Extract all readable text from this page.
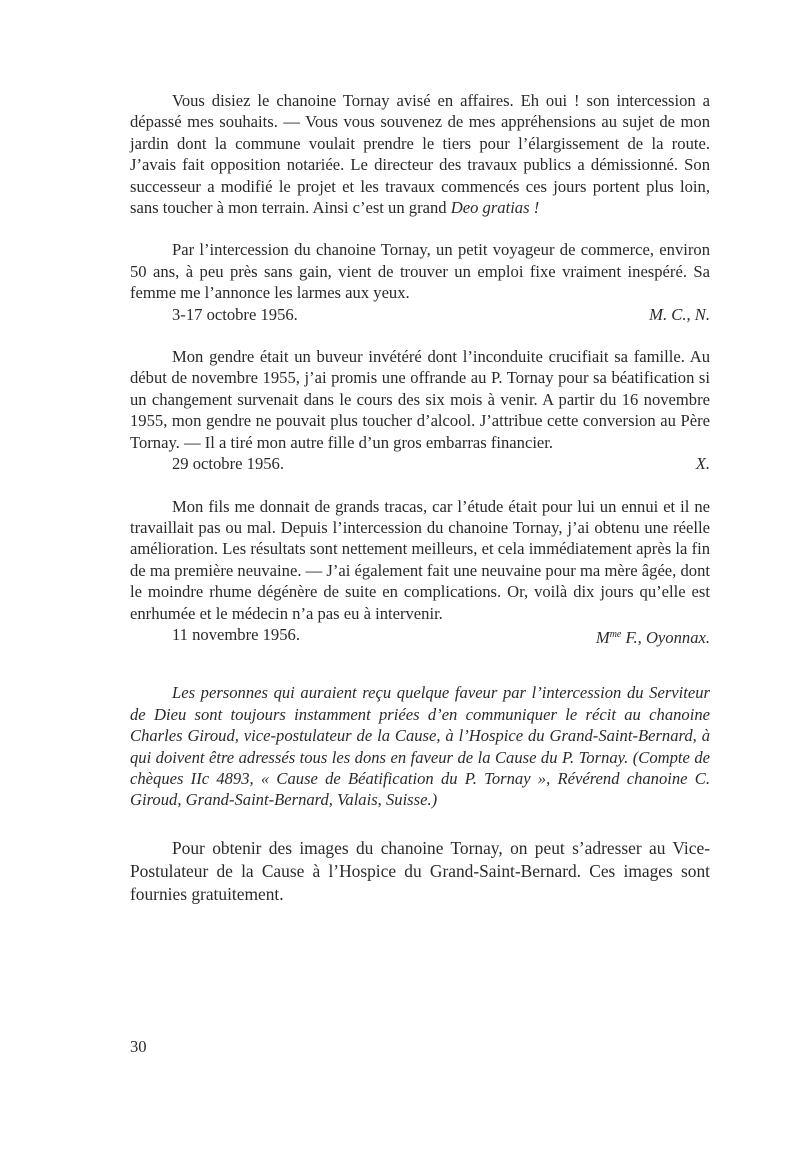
Vous disiez le chanoine Tornay avisé en affaires. Eh oui ! son intercession a dépassé mes souhaits. — Vous vous souvenez de mes appréhensions au sujet de mon jardin dont la commune voulait prendre le tiers pour l’élargissement de la route. J’avais fait opposition notariée. Le directeur des travaux publics a démissionné. Son successeur a modifié le projet et les travaux commencés ces jours portent plus loin, sans toucher à mon terrain. Ainsi c’est un grand Deo gratias !

Par l’intercession du chanoine Tornay, un petit voyageur de commerce, environ 50 ans, à peu près sans gain, vient de trouver un emploi fixe vraiment inespéré. Sa femme me l’annonce les larmes aux yeux.

3-17 octobre 1956.	M. C., N.

Mon gendre était un buveur invétéré dont l’inconduite crucifiait sa famille. Au début de novembre 1955, j’ai promis une offrande au P. Tornay pour sa béatification si un changement survenait dans le cours des six mois à venir. A partir du 16 novembre 1955, mon gendre ne pouvait plus toucher d’alcool. J’attribue cette conversion au Père Tornay. — Il a tiré mon autre fille d’un gros embarras financier.

29 octobre 1956.	X.

Mon fils me donnait de grands tracas, car l’étude était pour lui un ennui et il ne travaillait pas ou mal. Depuis l’intercession du chanoine Tornay, j’ai obtenu une réelle amélioration. Les résultats sont nettement meilleurs, et cela immédiatement après la fin de ma première neuvaine. — J’ai également fait une neuvaine pour ma mère âgée, dont le moindre rhume dégénère de suite en complications. Or, voilà dix jours qu’elle est enrhumée et le médecin n’a pas eu à intervenir.

11 novembre 1956.	$M^{me}$ F., Oyonnax.

Les personnes qui auraient reçu quelque faveur par l’intercession du Serviteur de Dieu sont toujours instamment priées d’en communiquer le récit au chanoine Charles Giroud, vice-postulateur de la Cause, à l’Hospice du Grand-Saint-Bernard, à qui doivent être adressés tous les dons en faveur de la Cause du P. Tornay. (Compte de chèques IIc 4893, « Cause de Béatification du P. Tornay », Révérend chanoine C. Giroud, Grand-Saint-Bernard, Valais, Suisse.)

Pour obtenir des images du chanoine Tornay, on peut s’adresser au Vice-Postulateur de la Cause à l’Hospice du Grand-Saint-Bernard. Ces images sont fournies gratuitement.

30
